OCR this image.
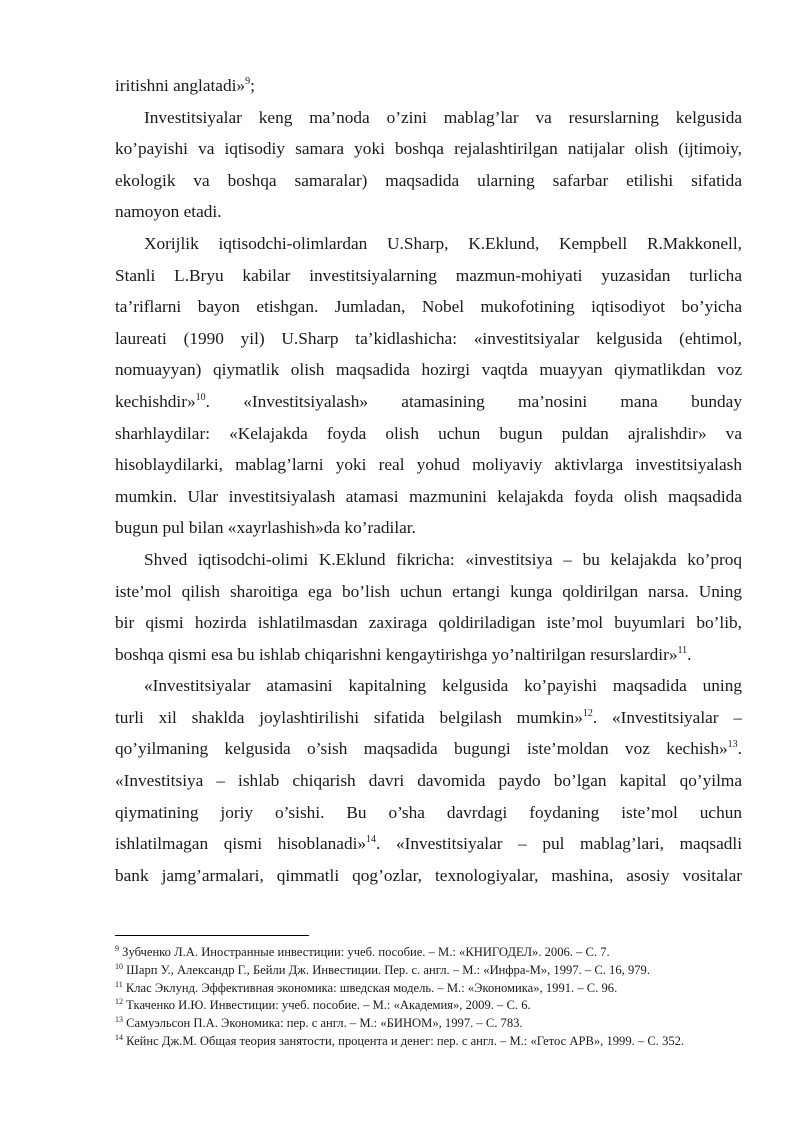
iritishni anglatadi»$^9$;
Investitsiyalar keng ma’noda o’zini mablag’lar va resurslarning kelgusida
ko’payishi va iqtisodiy samara yoki boshqa rejalashtirilgan natijalar olish (ijtimoiy,
ekologik va boshqa samaralar) maqsadida ularning safarbar etilishi sifatida
namoyon etadi.
Xorijlik iqtisodchi-olimlardan U.Sharp, K.Eklund, Kempbell R.Makkonell,
Stanli L.Bryu kabilar investitsiyalarning mazmun-mohiyati yuzasidan turlicha
ta’riflarni bayon etishgan. Jumladan, Nobel mukofotining iqtisodiyot bo’yicha
laureati (1990 yil) U.Sharp ta’kidlashicha: «investitsiyalar kelgusida (ehtimol,
nomuayyan) qiymatlik olish maqsadida hozirgi vaqtda muayyan qiymatlikdan voz
kechishdir»$^{10}$. «Investitsiyalash» atamasining ma’nosini mana bunday
sharhlaydilar: «Kelajakda foyda olish uchun bugun puldan ajralishdir» va
hisoblaydilarki, mablag’larni yoki real yohud moliyaviy aktivlarga investitsiyalash
mumkin. Ular investitsiyalash atamasi mazmunini kelajakda foyda olish maqsadida
bugun pul bilan «xayrlashish»da ko’radilar.
Shved iqtisodchi-olimi K.Eklund fikricha: «investitsiya – bu kelajakda ko’proq
iste’mol qilish sharoitiga ega bo’lish uchun ertangi kunga qoldirilgan narsa. Uning
bir qismi hozirda ishlatilmasdan zaxiraga qoldiriladigan iste’mol buyumlari bo’lib,
boshqa qismi esa bu ishlab chiqarishni kengaytirishga yo’naltirilgan resurslardir»$^{11}$.
«Investitsiyalar atamasini kapitalning kelgusida ko’payishi maqsadida uning
turli xil shaklda joylashtirilishi sifatida belgilash mumkin»$^{12}$. «Investitsiyalar –
qo’yilmaning kelgusida o’sish maqsadida bugungi iste’moldan voz kechish»$^{13}$.
«Investitsiya – ishlab chiqarish davri davomida paydo bo’lgan kapital qo’yilma
qiymatining joriy o’sishi. Bu o’sha davrdagi foydaning iste’mol uchun
ishlatilmagan qismi hisoblanadi»$^{14}$. «Investitsiyalar – pul mablag’lari, maqsadli
bank jamg’armalari, qimmatli qog’ozlar, texnologiyalar, mashina, asosiy vositalar
$^9$ Зубченко Л.А. Иностранные инвестиции: учеб. пособие. – М.: «КНИГОДЕЛ». 2006. – С. 7.
$^{10}$ Шарп У., Александр Г., Бейли Дж. Инвестиции. Пер. с. англ. – М.: «Инфра-М», 1997. – С. 16, 979.
$^{11}$ Клас Эклунд. Эффективная экономика: шведская модель. – М.: «Экономика», 1991. – С. 96.
$^{12}$ Ткаченко И.Ю. Инвестиции: учеб. пособие. – М.: «Академия», 2009. – С. 6.
$^{13}$ Самуэльсон П.А. Экономика: пер. с англ. – М.: «БИНОМ», 1997. – С. 783.
$^{14}$ Кейнс Дж.М. Общая теория занятости, процента и денег: пер. с англ. – М.: «Гетос АРВ», 1999. – С. 352.
